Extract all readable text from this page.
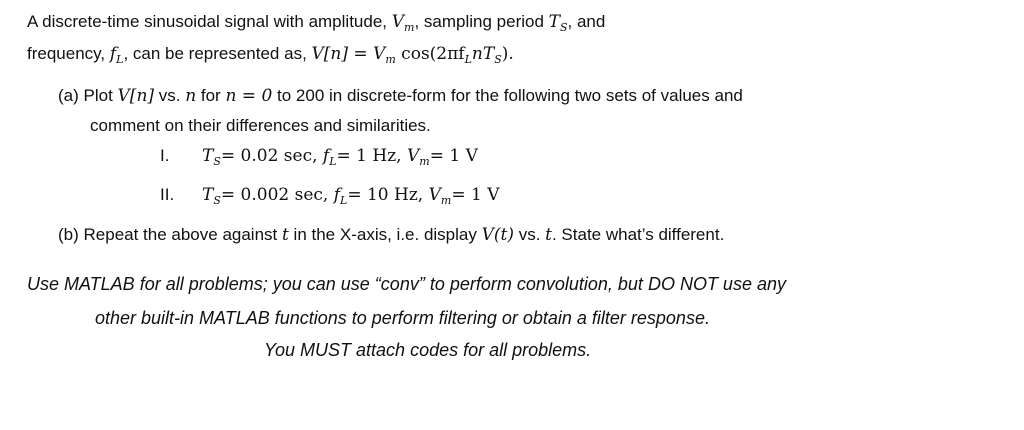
A discrete-time sinusoidal signal with amplitude, $V_m$, sampling period $T_S$, and
frequency, $f_L$, can be represented as, $V[n] = V_m$ $\cos(2\pi f_LnT_S)$.
(a) Plot V[n] vs. n for n = 0 to 200 in discrete-form for the following two sets of values and
comment on their differences and similarities.
I. $T_S= 0.02$ sec, $f_L= 1$ Hz, $V_m= 1$ V
II. $T_S= 0.002$ sec, $f_L= 10$ Hz, $V_m= 1$ V
(b) Repeat the above against t in the X-axis, i.e. display V(t) vs. t. State what’s different.
Use MATLAB for all problems; you can use “conv” to perform convolution, but DO NOT use any
other built-in MATLAB functions to perform filtering or obtain a filter response.
You MUST attach codes for all problems.
